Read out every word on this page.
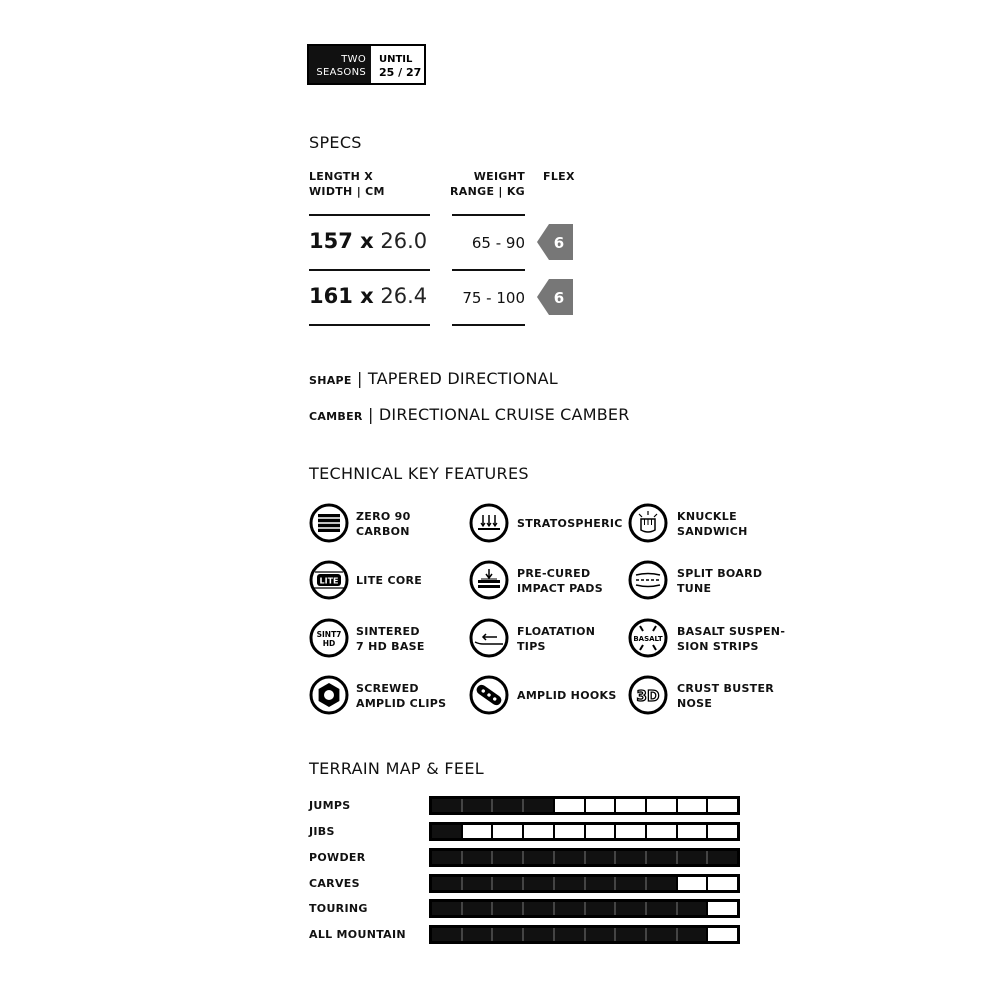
TWO
SEASONS
UNTIL
25 / 27
SPECS
LENGTH X
WIDTH | CM
WEIGHT
RANGE | KG
FLEX
157 x 26.0	65 - 90 6
161 x 26.4	75 - 100 6
SHAPE | TAPERED DIRECTIONAL
CAMBER | DIRECTIONAL CRUISE CAMBER
TECHNICAL KEY FEATURES
ZERO 90
CARBON
LITE LITE CORE
SINT7
HD
SINTERED
7 HD BASE
SCREWED
AMPLID CLIPS
STRATOSPHERIC
PRE-CURED
IMPACT PADS
FLOATATION
TIPS
AMPLID HOOKS
KNUCKLE
SANDWICH
SPLIT BOARD
TUNE
BASALT
BASALT SUSPEN-
SION STRIPS
3D CRUST BUSTER
NOSE
TERRAIN MAP & FEEL
JUMPS
JIBS
POWDER
CARVES
TOURING
ALL MOUNTAIN
